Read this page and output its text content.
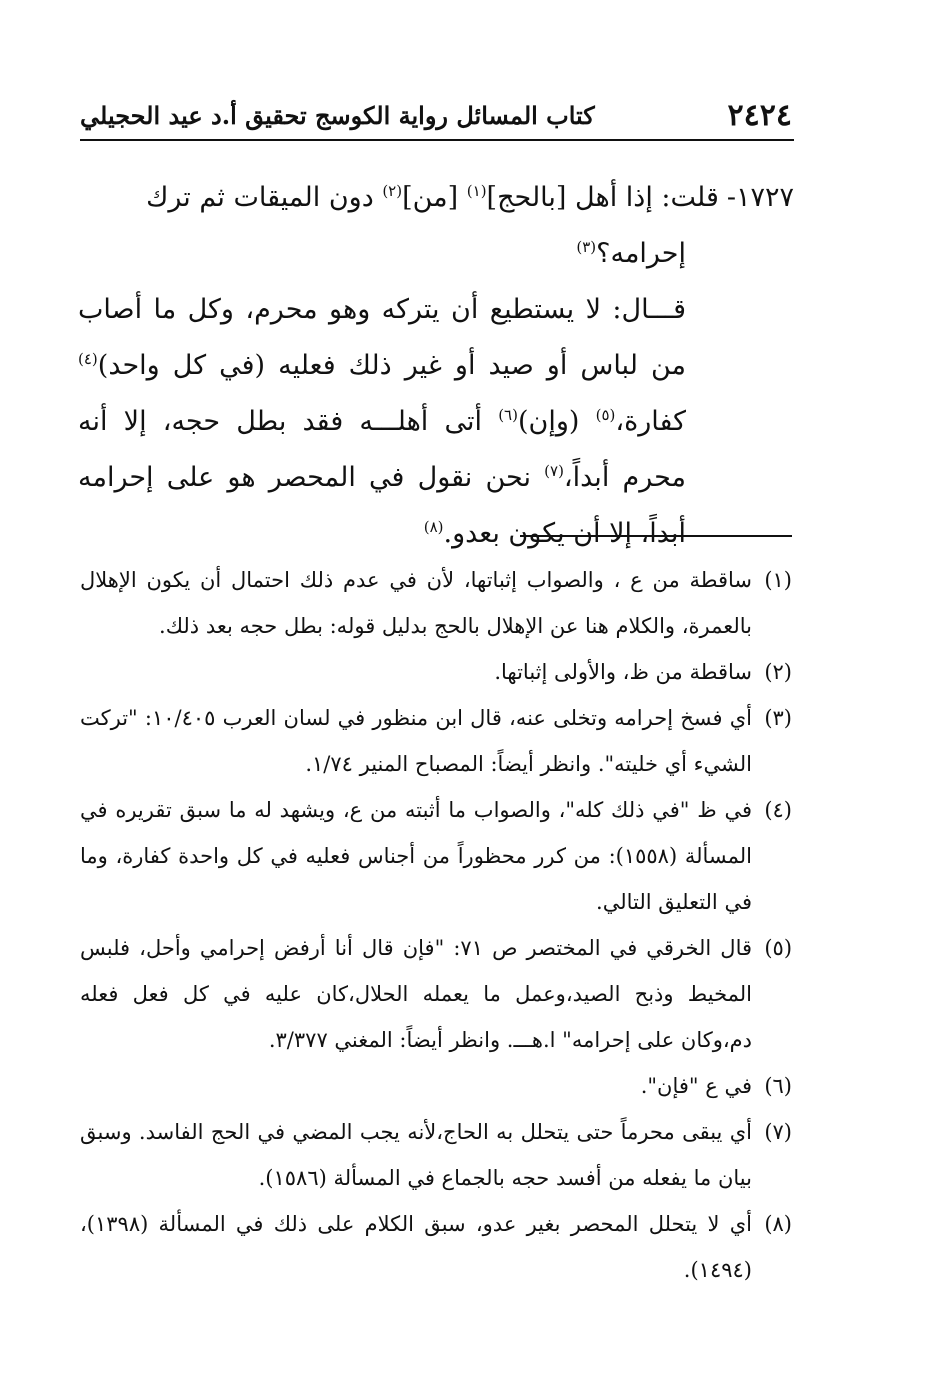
٢٤٢٤
كتاب المسائل رواية الكوسج تحقيق أ.د عيد الحجيلي
١٧٢٧-قلت: إذا أهل [بالحج]$^{(١)}$ [من]$^{(٢)}$ دون الميقات ثم ترك
إحرامه؟$^{(٣)}$
قـــال: لا يستطيع أن يتركه وهو محرم، وكل ما أصاب من لباس أو صيد أو غير ذلك فعليه (في كل واحد)$^{(٤)}$ كفارة،$^{(٥)}$ (وإن)$^{(٦)}$ أتى أهلـــه فقد بطل حجه، إلا أنه محرم أبداً،$^{(٧)}$ نحن نقول في المحصر هو على إحرامه أبداً، إلا أن يكون بعدو.$^{(٨)}$
(١)ساقطة من ع ، والصواب إثباتها، لأن في عدم ذلك احتمال أن يكون الإهلال بالعمرة، والكلام هنا عن الإهلال بالحج بدليل قوله: بطل حجه بعد ذلك.
(٢)ساقطة من ظ، والأولى إثباتها.
(٣)أي فسخ إحرامه وتخلى عنه، قال ابن منظور في لسان العرب ١٠/٤٠٥: "تركت الشيء أي خليته". وانظر أيضاً: المصباح المنير ١/٧٤.
(٤)في ظ "في ذلك كله"، والصواب ما أثبته من ع، ويشهد له ما سبق تقريره في المسألة (١٥٥٨): من كرر محظوراً من أجناس فعليه في كل واحدة كفارة، وما في التعليق التالي.
(٥)قال الخرقي في المختصر ص ٧١: "فإن قال أنا أرفض إحرامي وأحل، فلبس المخيط وذبح الصيد،وعمل ما يعمله الحلال،كان عليه في كل فعل فعله دم،وكان على إحرامه" ا.هـــ. وانظر أيضاً: المغني ٣/٣٧٧.
(٦)في ع "فإن".
(٧)أي يبقى محرماً حتى يتحلل به الحاج،لأنه يجب المضي في الحج الفاسد. وسبق بيان ما يفعله من أفسد حجه بالجماع في المسألة (١٥٨٦).
(٨)أي لا يتحلل المحصر بغير عدو، سبق الكلام على ذلك في المسألة (١٣٩٨)، (١٤٩٤).
